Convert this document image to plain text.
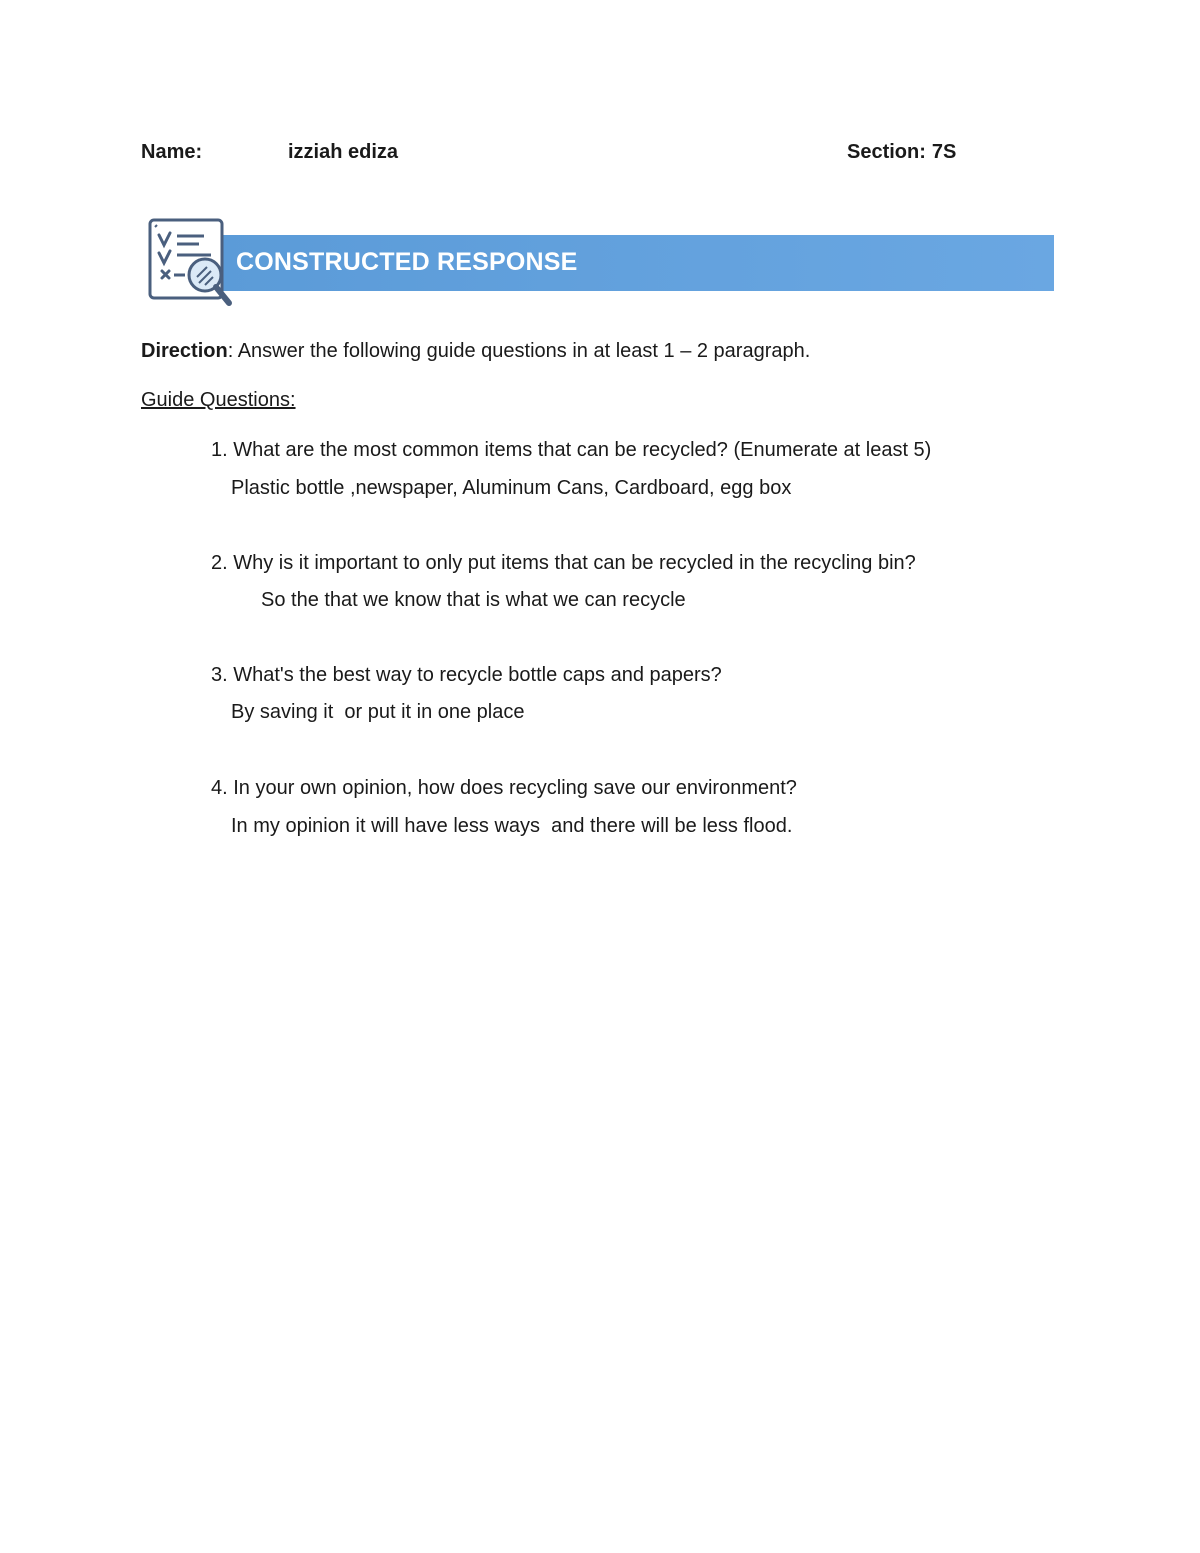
Name:	izziah ediza	Section: 7S
CONSTRUCTED RESPONSE
Direction: Answer the following guide questions in at least 1 – 2 paragraph.
Guide Questions:
1. What are the most common items that can be recycled? (Enumerate at least 5)
Plastic bottle ,newspaper, Aluminum Cans, Cardboard, egg box
2. Why is it important to only put items that can be recycled in the recycling bin?
So the that we know that is what we can recycle
3. What's the best way to recycle bottle caps and papers?
By saving it  or put it in one place
4. In your own opinion, how does recycling save our environment?
In my opinion it will have less ways  and there will be less flood.
